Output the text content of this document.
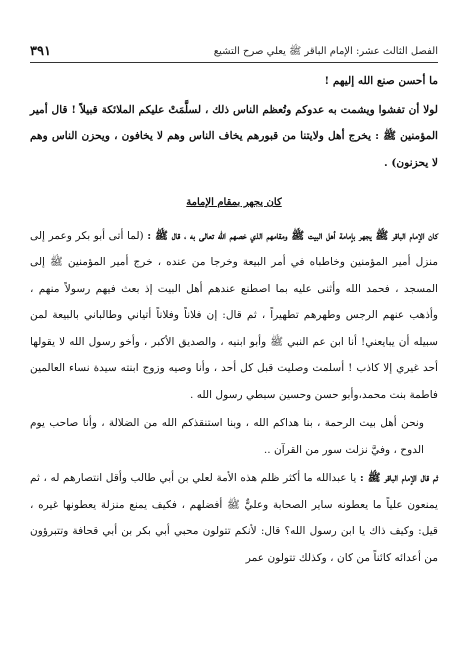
الفصل الثالث عشر: الإمام الباقر ﷺ يعلي صرح التشيع
٣٩١

ما أحسن صنع الله إليهم !

لولا أن تفشوا ويشمت به عدوكم وتُعظم الناس ذلك ، لسلَّمَتْ عليكم الملائكة قبيلاً ! قال أمير المؤمنين ﷺ : يخرج أهل ولايتنا من قبورهم يخاف الناس وهم لا يخافون ، ويحزن الناس وهم لا يحزنون) .

كان يجهر بمقام الإمامة

كان الإمام الباقر ﷺ يجهر بإمامة أهل البيت ﷺ ومقامهم الذي خصهم الله تعالى به ، قال ﷺ : (لما أتى أبو بكر وعمر إلى منزل أمير المؤمنين وخاطباه في أمر البيعة وخرجا من عنده ، خرج أمير المؤمنين ﷺ إلى المسجد ، فحمد الله وأثنى عليه بما اصطنع عندهم أهل البيت إذ بعث فيهم رسولاً منهم ، وأذهب عنهم الرجس وطهرهم تطهيراً ، ثم قال: إن فلاناً وفلاناً أتياني وطالباني بالبيعة لمن سبيله أن يبايعني! أنا ابن عم النبي ﷺ وأبو ابنيه ، والصديق الأكبر ، وأخو رسول الله لا يقولها أحد غيري إلا كاذب ! أسلمت وصليت قبل كل أحد ، وأنا وصيه وزوج ابنته سيدة نساء العالمين فاطمة بنت محمد،وأبو حسن وحسين سبطي رسول الله .

ونحن أهل بيت الرحمة ، بنا هداكم الله ، وبنا استنقذكم الله من الضلالة ، وأنا صاحب يوم الدوح ، وفيَّ نزلت سور من القرآن ..

ثم قال الإمام الباقر ﷺ : يا عبدالله ما أكثر ظلم هذه الأمة لعلي بن أبي طالب وأقل انتصارهم له ، ثم يمنعون علياً ما يعطونه ساير الصحابة وعليٌّ ﷺ أفضلهم ، فكيف يمنع منزلة يعطونها غيره ، قيل: وكيف ذاك يا ابن رسول الله؟ قال: لأنكم تتولون محبي أبي بكر بن أبي قحافة وتتبرؤون من أعدائه كائناً من كان ، وكذلك تتولون عمر
